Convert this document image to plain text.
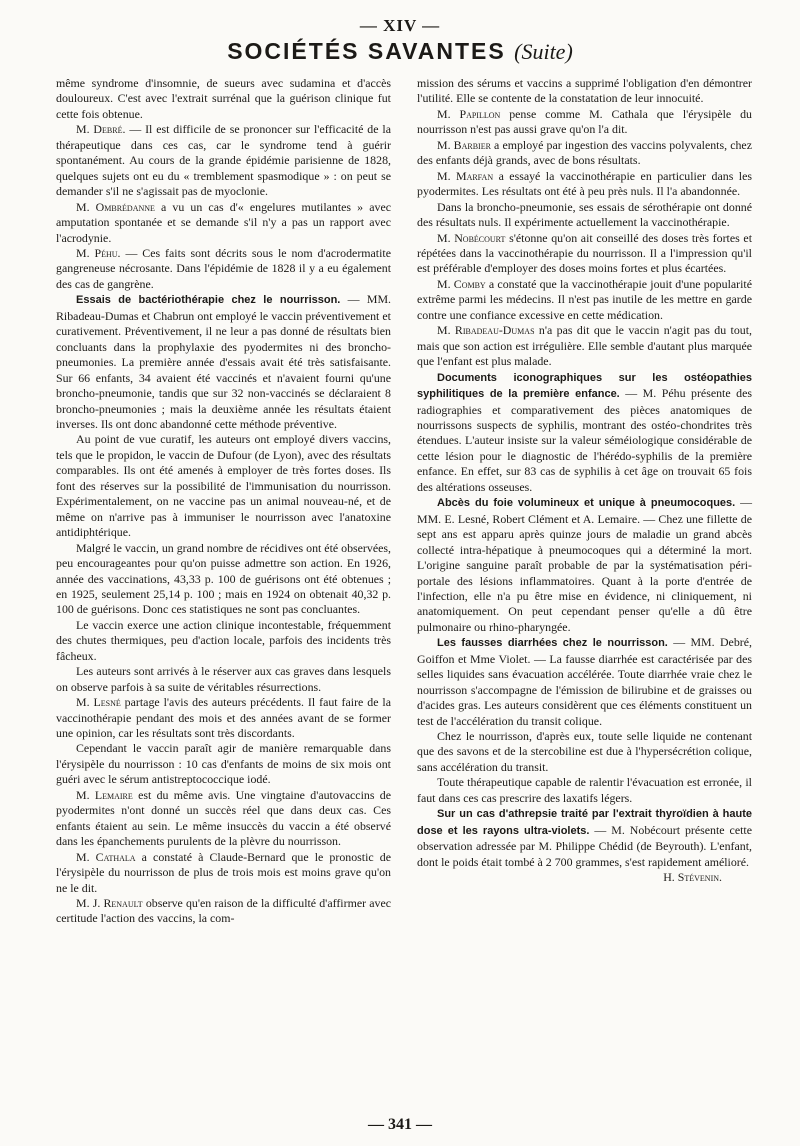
— XIV —
SOCIÉTÉS SAVANTES (Suite)

même syndrome d'insomnie, de sueurs avec sudamina et d'accès douloureux. C'est avec l'extrait surrénal que la guérison clinique fut cette fois obtenue.

M. Debré. — Il est difficile de se prononcer sur l'efficacité de la thérapeutique dans ces cas, car le syndrome tend à guérir spontanément. Au cours de la grande épidémie parisienne de 1828, quelques sujets ont eu du « tremblement spasmodique » : on peut se demander s'il ne s'agissait pas de myoclonie.

M. Ombrédanne a vu un cas d'« engelures mutilantes » avec amputation spontanée et se demande s'il n'y a pas un rapport avec l'acrodynie.

M. Péhu. — Ces faits sont décrits sous le nom d'acrodermatite gangreneuse nécrosante. Dans l'épidémie de 1828 il y a eu également des cas de gangrène.

Essais de bactériothérapie chez le nourrisson. — MM. Ribadeau-Dumas et Chabrun ont employé le vaccin préventivement et curativement. Préventivement, il ne leur a pas donné de résultats bien concluants dans la prophylaxie des pyodermites ni des broncho-pneumonies. La première année d'essais avait été très satisfaisante. Sur 66 enfants, 34 avaient été vaccinés et n'avaient fourni qu'une broncho-pneumonie, tandis que sur 32 non-vaccinés se déclaraient 8 broncho-pneumonies ; mais la deuxième année les résultats étaient inverses. Ils ont donc abandonné cette méthode préventive.

Au point de vue curatif, les auteurs ont employé divers vaccins, tels que le propidon, le vaccin de Dufour (de Lyon), avec des résultats comparables. Ils ont été amenés à employer de très fortes doses. Ils font des réserves sur la possibilité de l'immunisation du nourrisson. Expérimentalement, on ne vaccine pas un animal nouveau-né, et de même on n'arrive pas à immuniser le nourrisson avec l'anatoxine antidiphtérique.

Malgré le vaccin, un grand nombre de récidives ont été observées, peu encourageantes pour qu'on puisse admettre son action. En 1926, année des vaccinations, 43,33 p. 100 de guérisons ont été obtenues ; en 1925, seulement 25,14 p. 100 ; mais en 1924 on obtenait 40,32 p. 100 de guérisons. Donc ces statistiques ne sont pas concluantes.

Le vaccin exerce une action clinique incontestable, fréquemment des chutes thermiques, peu d'action locale, parfois des incidents très fâcheux.

Les auteurs sont arrivés à le réserver aux cas graves dans lesquels on observe parfois à sa suite de véritables résurrections.

M. Lesné partage l'avis des auteurs précédents. Il faut faire de la vaccinothérapie pendant des mois et des années avant de se former une opinion, car les résultats sont très discordants.

Cependant le vaccin paraît agir de manière remarquable dans l'érysipèle du nourrisson : 10 cas d'enfants de moins de six mois ont guéri avec le sérum antistreptococcique iodé.

M. Lemaire est du même avis. Une vingtaine d'autovaccins de pyodermites n'ont donné un succès réel que dans deux cas. Ces enfants étaient au sein. Le même insuccès du vaccin a été observé dans les épanchements purulents de la plèvre du nourrisson.

M. Cathala a constaté à Claude-Bernard que le pronostic de l'érysipèle du nourrisson de plus de trois mois est moins grave qu'on ne le dit.

M. J. Renault observe qu'en raison de la difficulté d'affirmer avec certitude l'action des vaccins, la com-

mission des sérums et vaccins a supprimé l'obligation d'en démontrer l'utilité. Elle se contente de la constatation de leur innocuité.

M. Papillon pense comme M. Cathala que l'érysipèle du nourrisson n'est pas aussi grave qu'on l'a dit.

M. Barbier a employé par ingestion des vaccins polyvalents, chez des enfants déjà grands, avec de bons résultats.

M. Marfan a essayé la vaccinothérapie en particulier dans les pyodermites. Les résultats ont été à peu près nuls. Il l'a abandonnée.

Dans la broncho-pneumonie, ses essais de sérothérapie ont donné des résultats nuls. Il expérimente actuellement la vaccinothérapie.

M. Nobécourt s'étonne qu'on ait conseillé des doses très fortes et répétées dans la vaccinothérapie du nourrisson. Il a l'impression qu'il est préférable d'employer des doses moins fortes et plus écartées.

M. Comby a constaté que la vaccinothérapie jouit d'une popularité extrême parmi les médecins. Il n'est pas inutile de les mettre en garde contre une confiance excessive en cette médication.

M. Ribadeau-Dumas n'a pas dit que le vaccin n'agit pas du tout, mais que son action est irrégulière. Elle semble d'autant plus marquée que l'enfant est plus malade.

Documents iconographiques sur les ostéopathies syphilitiques de la première enfance. — M. Péhu présente des radiographies et comparativement des pièces anatomiques de nourrissons suspects de syphilis, montrant des ostéo-chondrites très étendues. L'auteur insiste sur la valeur séméiologique considérable de cette lésion pour le diagnostic de l'hérédo-syphilis de la première enfance. En effet, sur 83 cas de syphilis à cet âge on trouvait 65 fois des altérations osseuses.

Abcès du foie volumineux et unique à pneumocoques. — MM. E. Lesné, Robert Clément et A. Lemaire. — Chez une fillette de sept ans est apparu après quinze jours de maladie un grand abcès collecté intra-hépatique à pneumocoques qui a déterminé la mort. L'origine sanguine paraît probable de par la systématisation péri-portale des lésions inflammatoires. Quant à la porte d'entrée de l'infection, elle n'a pu être mise en évidence, ni cliniquement, ni anatomiquement. On peut cependant penser qu'elle a dû être pulmonaire ou rhino-pharyngée.

Les fausses diarrhées chez le nourrisson. — MM. Debré, Goiffon et Mme Violet. — La fausse diarrhée est caractérisée par des selles liquides sans évacuation accélérée. Toute diarrhée vraie chez le nourrisson s'accompagne de l'émission de bilirubine et de graisses ou d'acides gras. Les auteurs considèrent que ces éléments constituent un test de l'accélération du transit colique.

Chez le nourrisson, d'après eux, toute selle liquide ne contenant que des savons et de la stercobiline est due à l'hypersécrétion colique, sans accélération du transit.

Toute thérapeutique capable de ralentir l'évacuation est erronée, il faut dans ces cas prescrire des laxatifs légers.

Sur un cas d'athrepsie traité par l'extrait thyroïdien à haute dose et les rayons ultra-violets. — M. Nobécourt présente cette observation adressée par M. Philippe Chédid (de Beyrouth). L'enfant, dont le poids était tombé à 2 700 grammes, s'est rapidement amélioré.

H. Stévenin.

— 341 —
